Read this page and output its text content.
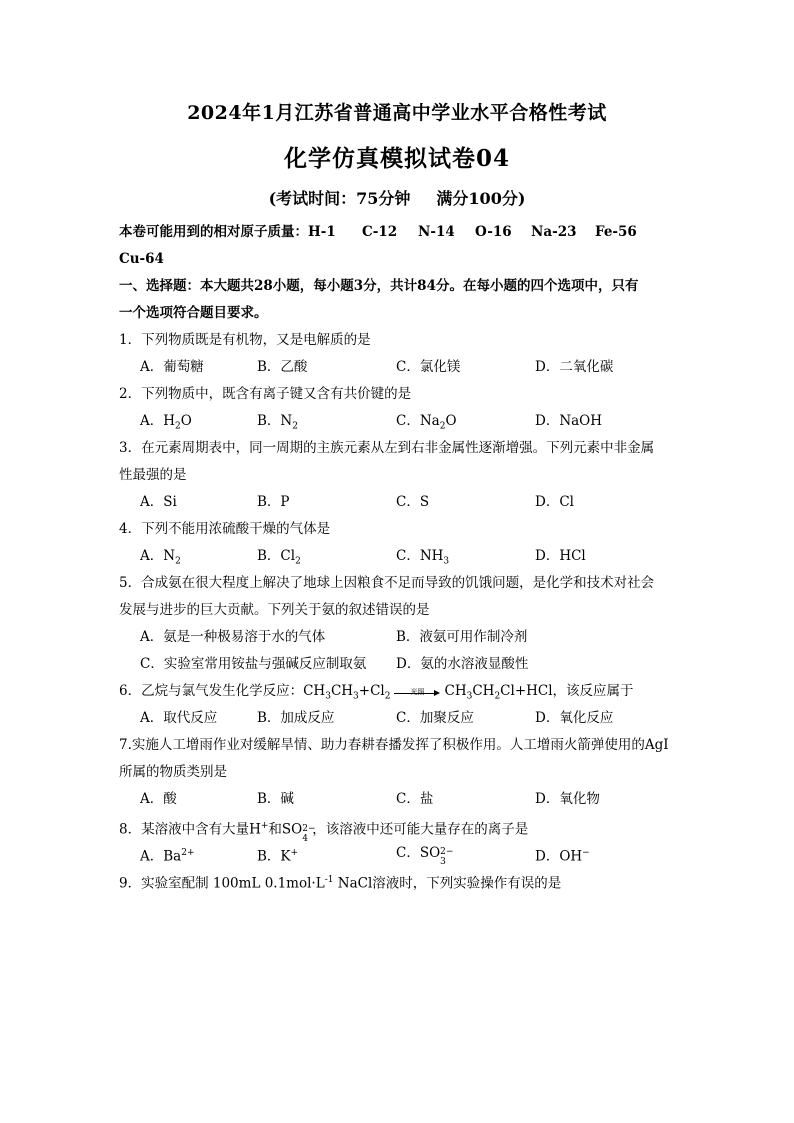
2024年1月江苏省普通高中学业水平合格性考试
化学仿真模拟试卷04
(考试时间：75分钟 满分100分)
本卷可能用到的相对原子质量：H-1 C-12 N-14 O-16 Na-23 Fe-56
Cu-64
一、选择题：本大题共28小题，每小题3分，共计84分。在每小题的四个选项中，只有
一个选项符合题目要求。
1．下列物质既是有机物，又是电解质的是
A．葡萄糖	B．乙酸	C．氯化镁	D．二氧化碳
2．下列物质中，既含有离子键又含有共价键的是
A．$H_2O$	B．$N_2$	C．$Na_2O$	D．NaOH
3．在元素周期表中，同一周期的主族元素从左到右非金属性逐渐增强。下列元素中非金属
性最强的是
A．Si	B．P	C．S	D．Cl
4．下列不能用浓硫酸干燥的气体是
A．$N_2$	B．$Cl_2$	C．$NH_3$	D．HCl
5．合成氨在很大程度上解决了地球上因粮食不足而导致的饥饿问题，是化学和技术对社会
发展与进步的巨大贡献。下列关于氨的叙述错误的是
A．氨是一种极易溶于水的气体	B．液氨可用作制冷剂
C．实验室常用铵盐与强碱反应制取氨 D．氨的水溶液显酸性
6．乙烷与氯气发生化学反应：$CH_3CH_3+Cl_2$
光照	$CH_3CH_2Cl+HCl$，该反应属于
A．取代反应	B．加成反应	C．加聚反应	D．氧化反应
7.实施人工增雨作业对缓解旱情、助力春耕春播发挥了积极作用。人工增雨火箭弹使用的AgI
所属的物质类别是
A．酸	B．碱	C．盐	D．氧化物
8．某溶液中含有大量H+和SO 2−
4
，该溶液中还可能大量存在的离子是
A．$Ba^{2+}$	B．K+	C．SO 2−
3	D．OH−
9．实验室配制 100mL $0.1mol\cdot L^{-1}$ NaCl溶液时，下列实验操作有误的是
